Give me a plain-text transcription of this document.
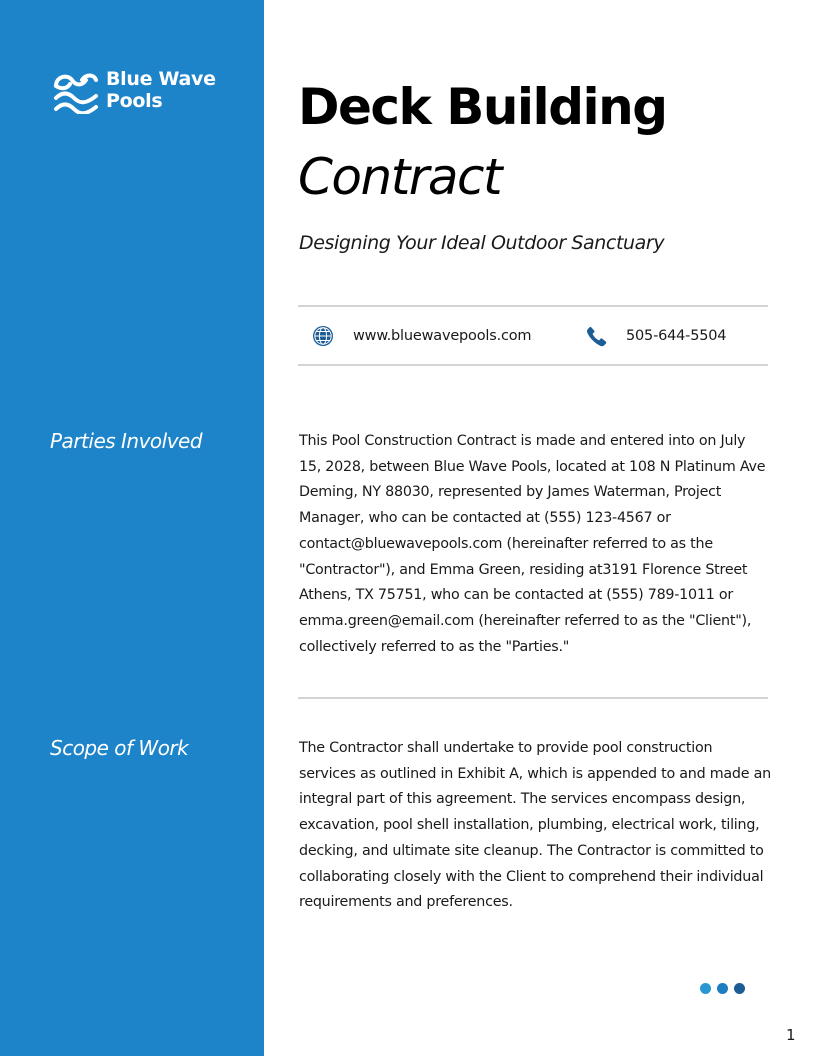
Blue Wave
Pools
Parties Involved
Scope of Work
Deck Building
Contract
Designing Your Ideal Outdoor Sanctuary
www.bluewavepools.com	505-644-5504

This Pool Construction Contract is made and entered into on July 15, 2028, between Blue Wave Pools, located at 108 N Platinum Ave Deming, NY 88030, represented by James Waterman, Project Manager, who can be contacted at (555) 123-4567 or contact@bluewavepools.com (hereinafter referred to as the "Contractor"), and Emma Green, residing at3191 Florence Street Athens, TX 75751, who can be contacted at (555) 789-1011 or emma.green@email.com (hereinafter referred to as the "Client"), collectively referred to as the "Parties."

The Contractor shall undertake to provide pool construction services as outlined in Exhibit A, which is appended to and made an integral part of this agreement. The services encompass design, excavation, pool shell installation, plumbing, electrical work, tiling, decking, and ultimate site cleanup. The Contractor is committed to collaborating closely with the Client to comprehend their individual requirements and preferences.

1
